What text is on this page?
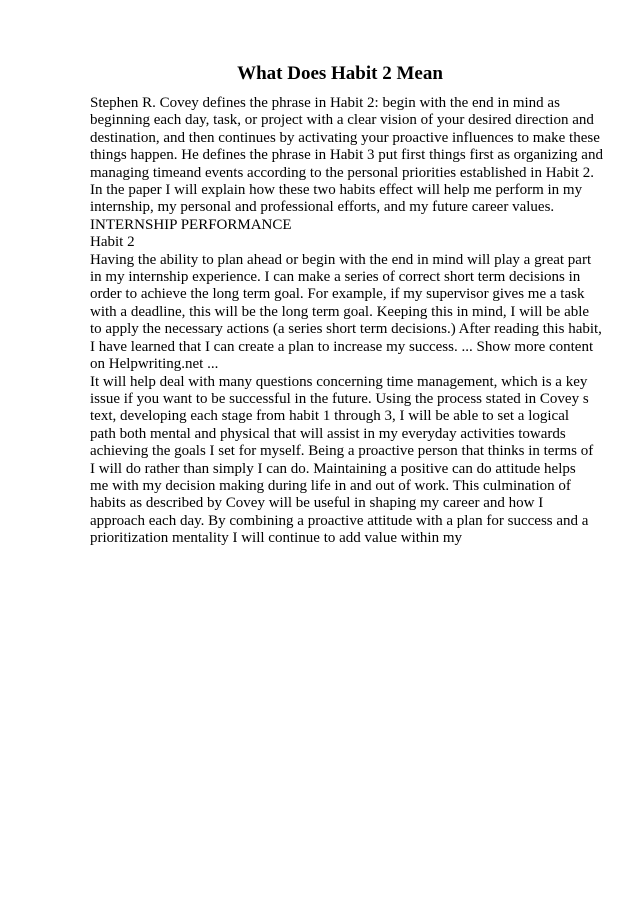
What Does Habit 2 Mean
Stephen R. Covey defines the phrase in Habit 2: begin with the end in mind as
beginning each day, task, or project with a clear vision of your desired direction and
destination, and then continues by activating your proactive influences to make these
things happen. He defines the phrase in Habit 3 put first things first as organizing and
managing timeand events according to the personal priorities established in Habit 2.
In the paper I will explain how these two habits effect will help me perform in my
internship, my personal and professional efforts, and my future career values.
INTERNSHIP PERFORMANCE
Habit 2
Having the ability to plan ahead or begin with the end in mind will play a great part
in my internship experience. I can make a series of correct short term decisions in
order to achieve the long term goal. For example, if my supervisor gives me a task
with a deadline, this will be the long term goal. Keeping this in mind, I will be able
to apply the necessary actions (a series short term decisions.) After reading this habit,
I have learned that I can create a plan to increase my success. ... Show more content
on Helpwriting.net ...
It will help deal with many questions concerning time management, which is a key
issue if you want to be successful in the future. Using the process stated in Covey s
text, developing each stage from habit 1 through 3, I will be able to set a logical
path both mental and physical that will assist in my everyday activities towards
achieving the goals I set for myself. Being a proactive person that thinks in terms of
I will do rather than simply I can do. Maintaining a positive can do attitude helps
me with my decision making during life in and out of work. This culmination of
habits as described by Covey will be useful in shaping my career and how I
approach each day. By combining a proactive attitude with a plan for success and a
prioritization mentality I will continue to add value within my
